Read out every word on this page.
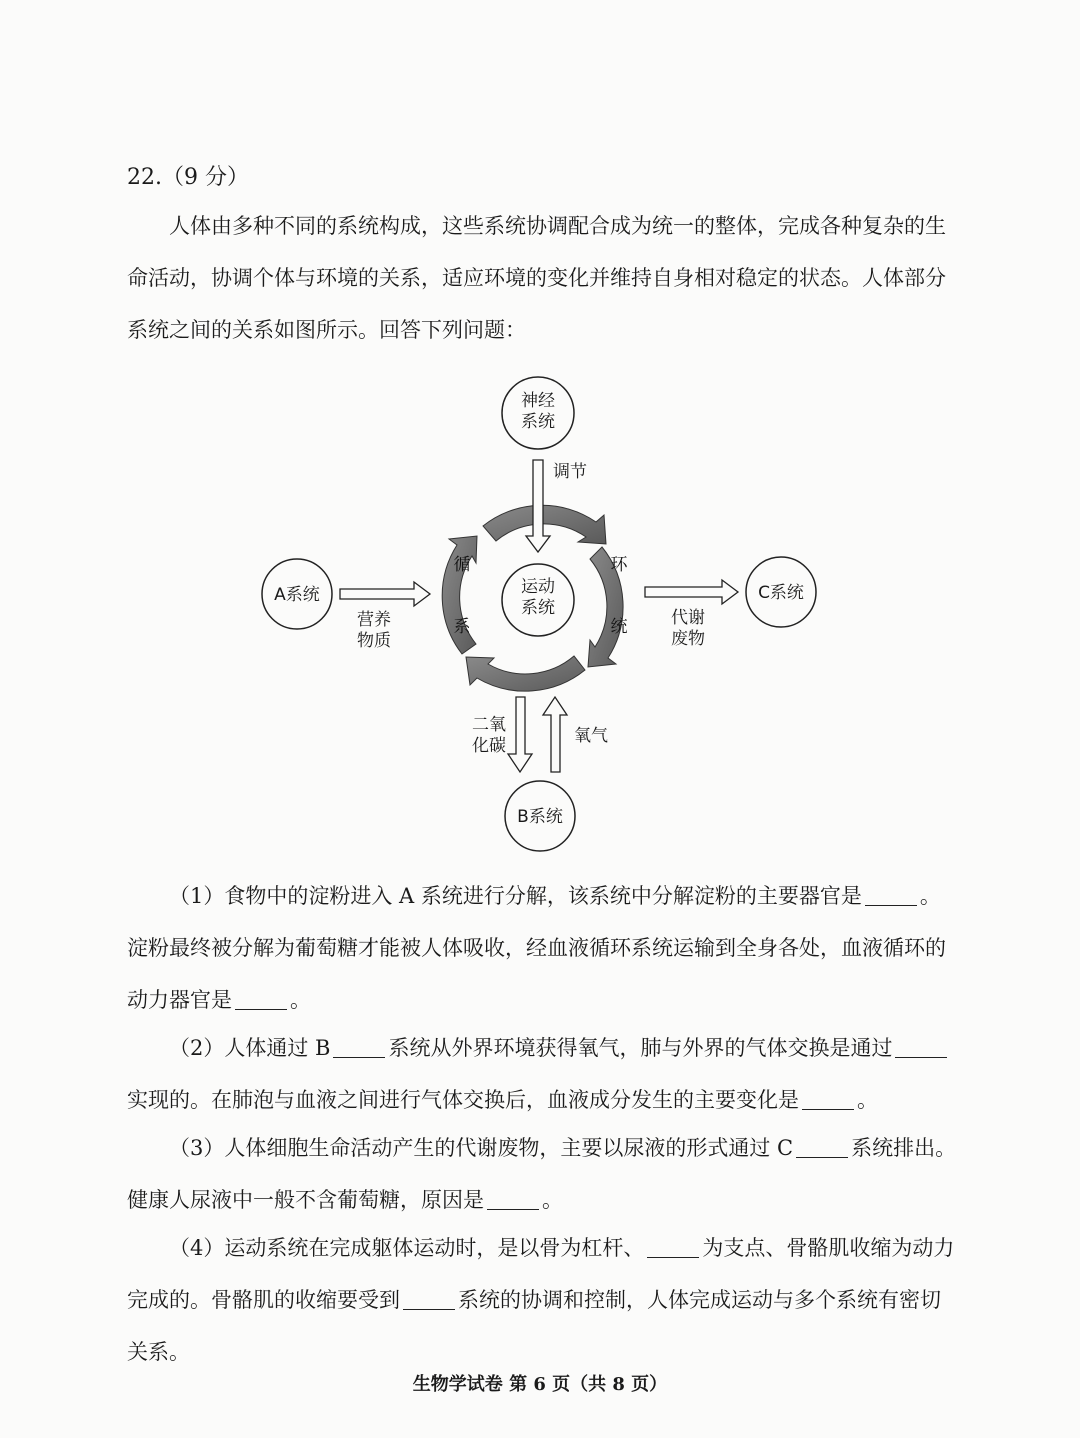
22.（9 分）

人体由多种不同的系统构成，这些系统协调配合成为统一的整体，完成各种复杂的生命活动，协调个体与环境的关系，适应环境的变化并维持自身相对稳定的状态。人体部分系统之间的关系如图所示。回答下列问题：

循	环
系	统
运动
系统
神经
系统
调节
A系统
营养
物质
C系统
代谢
废物
二氧
化碳	氧气
B系统

（1）食物中的淀粉进入 A 系统进行分解，该系统中分解淀粉的主要器官是	。淀粉最终被分解为葡萄糖才能被人体吸收，经血液循环系统运输到全身各处，血液循环的动力器官是	。

（2）人体通过 B	系统从外界环境获得氧气，肺与外界的气体交换是通过实现的。在肺泡与血液之间进行气体交换后，血液成分发生的主要变化是	。

（3）人体细胞生命活动产生的代谢废物，主要以尿液的形式通过 C	系统排出。健康人尿液中一般不含葡萄糖，原因是	。

（4）运动系统在完成躯体运动时，是以骨为杠杆、	为支点、骨骼肌收缩为动力完成的。骨骼肌的收缩要受到	系统的协调和控制，人体完成运动与多个系统有密切关系。

生物学试卷 第 6 页（共 8 页）
